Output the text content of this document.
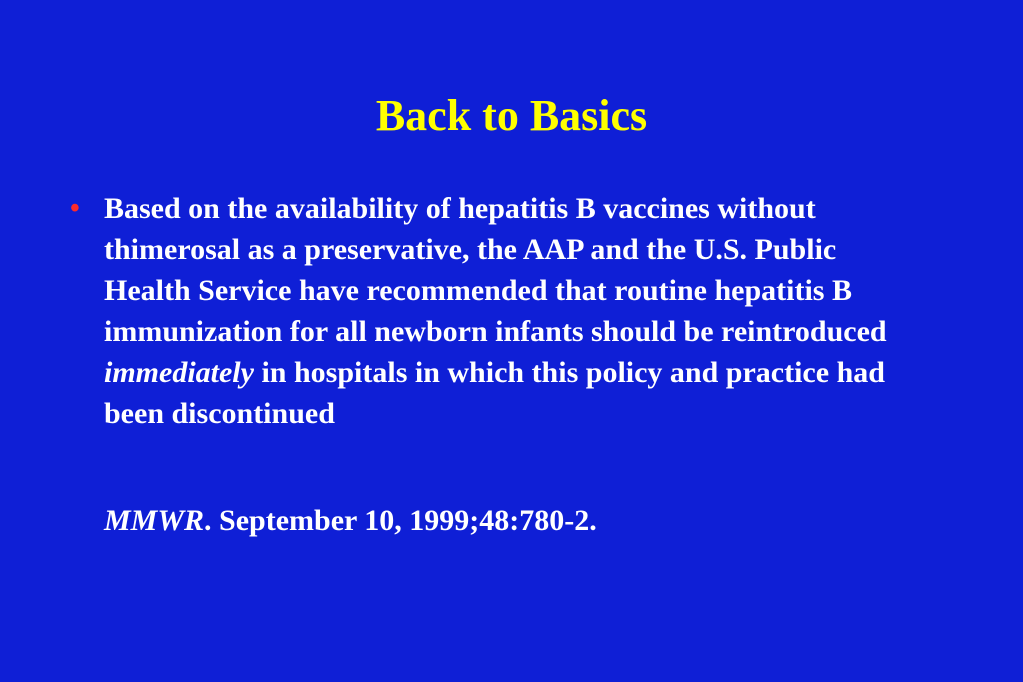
Back to Basics
• Based on the availability of hepatitis B vaccines without thimerosal as a preservative, the AAP and the U.S. Public Health Service have recommended that routine hepatitis B immunization for all newborn infants should be reintroduced immediately in hospitals in which this policy and practice had been discontinued

MMWR. September 10, 1999;48:780-2.
